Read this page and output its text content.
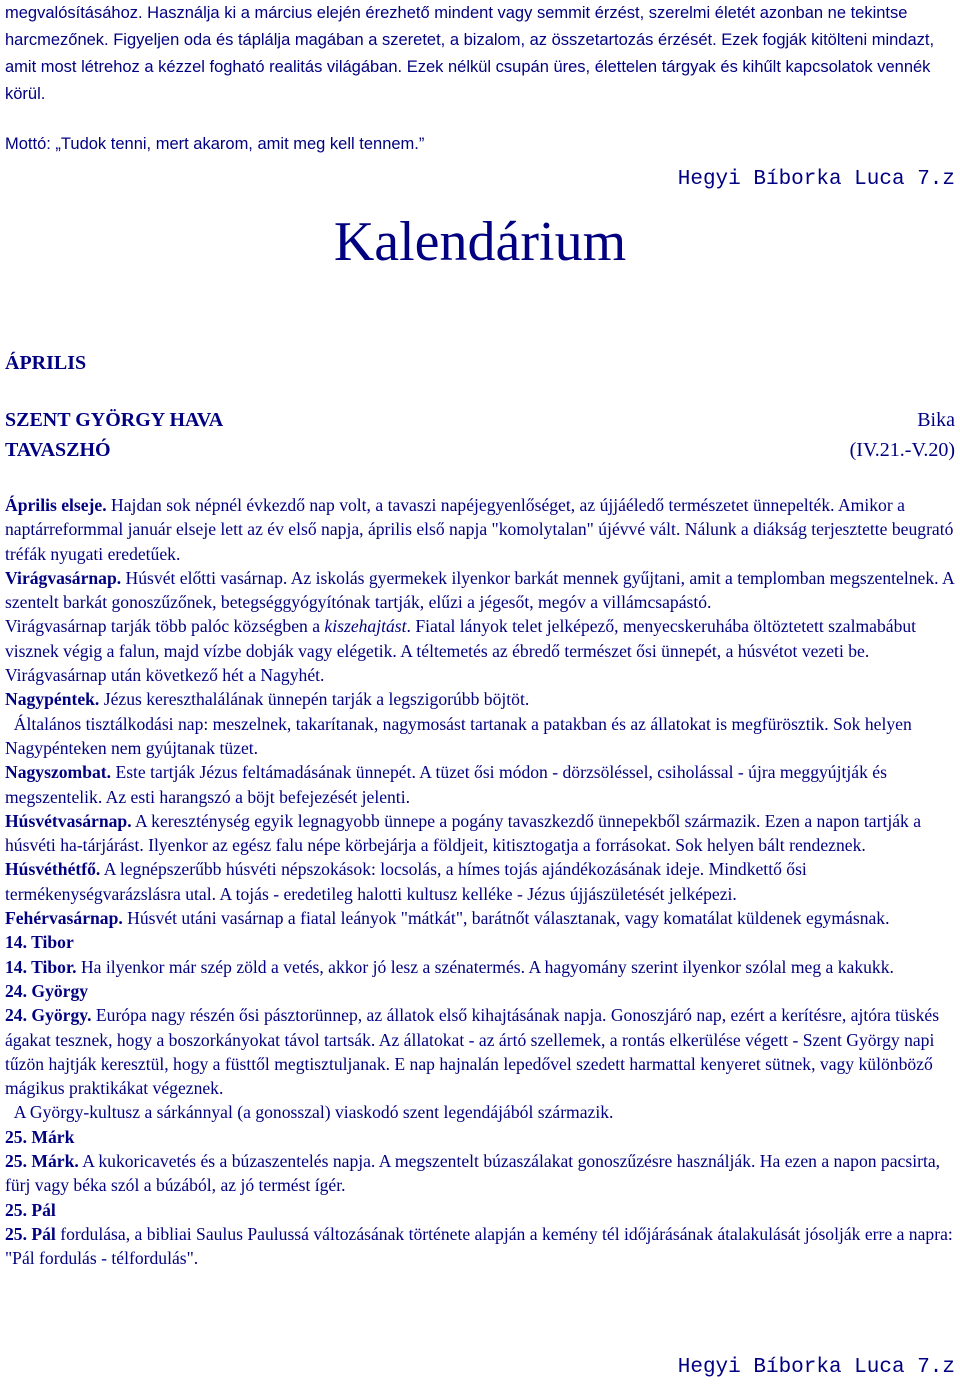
megvalósításához. Használja ki a március elején érezhető mindent vagy semmit érzést, szerelmi életét azonban ne tekintse harcmezőnek. Figyeljen oda és táplálja magában a szeretet, a bizalom, az összetartozás érzését. Ezek fogják kitölteni mindazt, amit most létrehoz a kézzel fogható realitás világában. Ezek nélkül csupán üres, élettelen tárgyak és kihűlt kapcsolatok vennék körül.

Mottó: „Tudok tenni, mert akarom, amit meg kell tennem.”
Hegyi Bíborka Luca 7.z
Kalendárium
ÁPRILIS
SZENT GYÖRGY HAVA
TAVASZHÓ
Bika
(IV.21.-V.20)

Április elseje. Hajdan sok népnél évkezdő nap volt, a tavaszi napéjegyenlőséget, az újjáéledő természetet ünnepelték. Amikor a naptárreformmal január elseje lett az év első napja, április első napja "komolytalan" újévvé vált. Nálunk a diákság terjesztette beugrató tréfák nyugati eredetűek.

Virágvasárnap. Húsvét előtti vasárnap. Az iskolás gyermekek ilyenkor barkát mennek gyűjtani, amit a templomban megszentelnek. A szentelt barkát gonoszűzőnek, betegséggyógyítónak tartják, elűzi a jégesőt, megóv a villámcsapástó.

Virágvasárnap tarják több palóc községben a kiszehajtást. Fiatal lányok telet jelképező, menyecskeruhába öltöztetett szalmabábut visznek végig a falun, majd vízbe dobják vagy elégetik. A téltemetés az ébredő természet ősi ünnepét, a húsvétot vezeti be. Virágvasárnap után következő hét a Nagyhét.

Nagypéntek. Jézus kereszthalálának ünnepén tarják a legszigorúbb böjtöt.

Általános tisztálkodási nap: meszelnek, takarítanak, nagymosást tartanak a patakban és az állatokat is megfürösztik. Sok helyen Nagypénteken nem gyújtanak tüzet.

Nagyszombat. Este tartják Jézus feltámadásának ünnepét. A tüzet ősi módon - dörzsöléssel, csiholással - újra meggyújtják és megszentelik. Az esti harangszó a böjt befejezését jelenti.

Húsvétvasárnap. A kereszténység egyik legnagyobb ünnepe a pogány tavaszkezdő ünnepekből származik. Ezen a napon tartják a húsvéti ha-tárjárást. Ilyenkor az egész falu népe körbejárja a földjeit, kitisztogatja a forrásokat. Sok helyen bált rendeznek.

Húsvéthétfő. A legnépszerűbb húsvéti népszokások: locsolás, a hímes tojás ajándékozásának ideje. Mindkettő ősi termékenységvarázslásra utal. A tojás - eredetileg halotti kultusz kelléke - Jézus újjászületését jelképezi.

Fehérvasárnap. Húsvét utáni vasárnap a fiatal leányok "mátkát", barátnőt választanak, vagy komatálat küldenek egymásnak.

14. Tibor

14. Tibor. Ha ilyenkor már szép zöld a vetés, akkor jó lesz a szénatermés. A hagyomány szerint ilyenkor szólal meg a kakukk.

24. György

24. György. Európa nagy részén ősi pásztorünnep, az állatok első kihajtásának napja. Gonoszjáró nap, ezért a kerítésre, ajtóra tüskés ágakat tesznek, hogy a boszorkányokat távol tartsák. Az állatokat - az ártó szellemek, a rontás elkerülése végett - Szent György napi tűzön hajtják keresztül, hogy a füsttől megtisztuljanak. E nap hajnalán lepedővel szedett harmattal kenyeret sütnek, vagy különböző mágikus praktikákat végeznek.

A György-kultusz a sárkánnyal (a gonosszal) viaskodó szent legendájából származik.

25. Márk

25. Márk. A kukoricavetés és a búzaszentelés napja. A megszentelt búzaszálakat gonoszűzésre használják. Ha ezen a napon pacsirta, fürj vagy béka szól a búzából, az jó termést ígér.

25. Pál

25. Pál fordulása, a bibliai Saulus Paulussá változásának története alapján a kemény tél időjárásának átalakulását jósolják erre a napra: "Pál fordulás - télfordulás".

Hegyi Bíborka Luca 7.z
